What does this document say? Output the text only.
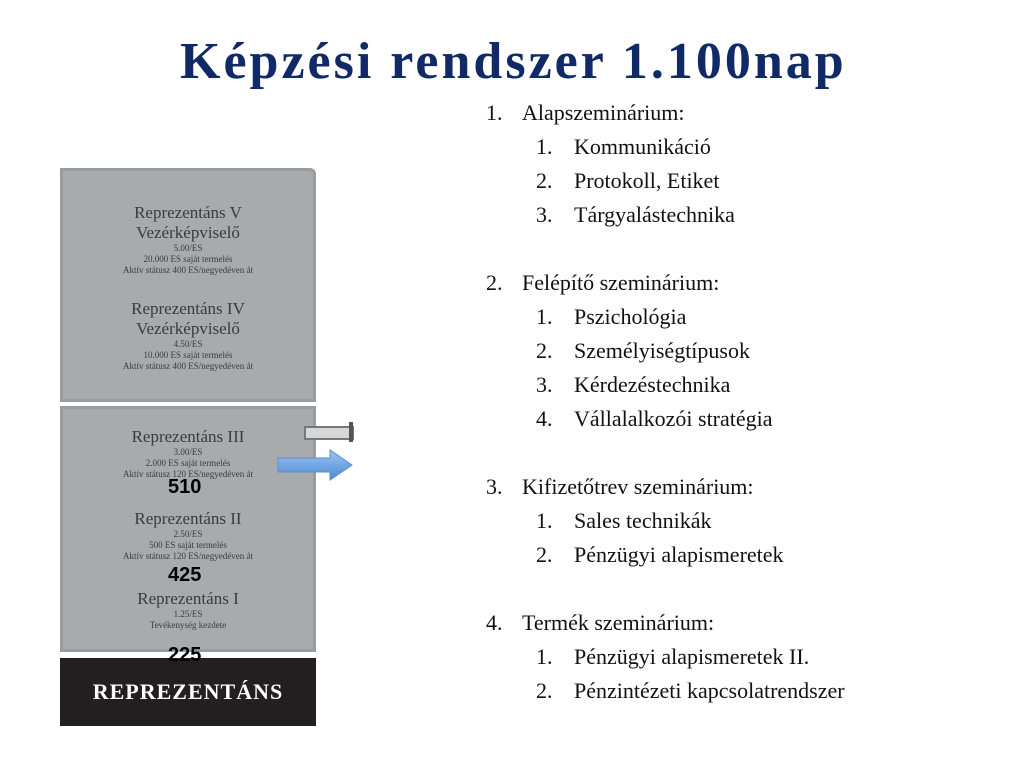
Képzési rendszer 1.100nap
Reprezentáns V
Vezérképviselő
5.00/ES
20.000 ES saját termelés
Aktív státusz 400 ES/negyedéven át
Reprezentáns IV
Vezérképviselő
4.50/ES
10.000 ES saját termelés
Aktív státusz 400 ES/negyedéven át
Reprezentáns III
3.00/ES
2.000 ES saját termelés
Aktív státusz 120 ES/negyedéven át
Reprezentáns II
2.50/ES
500 ES saját termelés
Aktív státusz 120 ES/negyedéven át
Reprezentáns I
1.25/ES
Tevékenység kezdete
REPREZENTÁNS
510
425
225
1. Alapszeminárium:
1. Kommunikáció
2. Protokoll, Etiket
3. Tárgyalástechnika
2. Felépítő szeminárium:
1. Pszichológia
2. Személyiségtípusok
3. Kérdezéstechnika
4. Vállalalkozói stratégia
3. Kifizetőtrev szeminárium:
1. Sales technikák
2. Pénzügyi alapismeretek
4. Termék szeminárium:
1. Pénzügyi alapismeretek II.
2. Pénzintézeti kapcsolatrendszer
